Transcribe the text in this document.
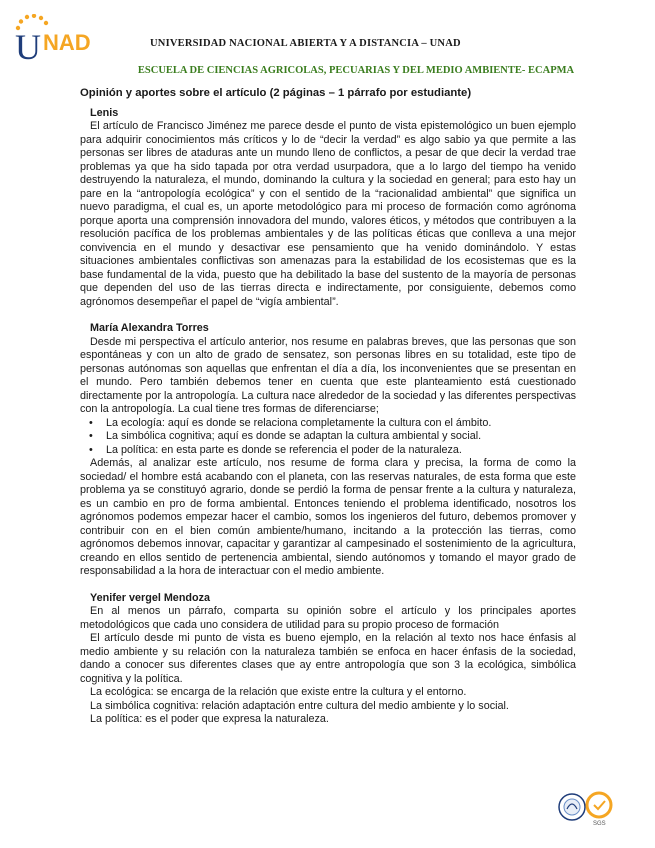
U NAD	UNIVERSIDAD NACIONAL ABIERTA Y A DISTANCIA – UNAD
ESCUELA DE CIENCIAS AGRICOLAS, PECUARIAS Y DEL MEDIO AMBIENTE- ECAPMA
Opinión y aportes sobre el artículo (2 páginas – 1 párrafo por estudiante)
Lenis

El artículo de Francisco Jiménez me parece desde el punto de vista epistemológico un buen ejemplo para adquirir conocimientos más críticos y lo de “decir la verdad” es algo sabio ya que permite a las personas ser libres de ataduras ante un mundo lleno de conflictos, a pesar de que decir la verdad trae problemas ya que ha sido tapada por otra verdad usurpadora, que a lo largo del tiempo ha venido destruyendo la naturaleza, el mundo, dominando la cultura y la sociedad en general; para esto hay un pare en la “antropología ecológica” y con el sentido de la “racionalidad ambiental” que significa un nuevo paradigma, el cual es, un aporte metodológico para mi proceso de formación como agrónoma porque aporta una comprensión innovadora del mundo, valores éticos, y métodos que contribuyen a la resolución pacífica de los problemas ambientales y de las políticas éticas que conlleva a una mejor convivencia en el mundo y desactivar ese pensamiento que ha venido dominándolo. Y estas situaciones ambientales conflictivas son amenazas para la estabilidad de los ecosistemas que es la base fundamental de la vida, puesto que ha debilitado la base del sustento de la mayoría de personas que dependen del uso de las tierras directa e indirectamente, por consiguiente, debemos como agrónomos desempeñar el papel de “vigía ambiental”.

María Alexandra Torres

Desde mi perspectiva el artículo anterior, nos resume en palabras breves, que las personas que son espontáneas y con un alto de grado de sensatez, son personas libres en su totalidad, este tipo de personas autónomas son aquellas que enfrentan el día a día, los inconvenientes que se presentan en el mundo. Pero también debemos tener en cuenta que este planteamiento está cuestionado directamente por la antropología. La cultura nace alrededor de la sociedad y las diferentes perspectivas con la antropología. La cual tiene tres formas de diferenciarse;

• La ecología: aquí es donde se relaciona completamente la cultura con el ámbito.
• La simbólica cognitiva; aquí es donde se adaptan la cultura ambiental y social.
• La política: en esta parte es donde se referencia el poder de la naturaleza.

Además, al analizar este artículo, nos resume de forma clara y precisa, la forma de como la sociedad/ el hombre está acabando con el planeta, con las reservas naturales, de esta forma que este problema ya se constituyó agrario, donde se perdió la forma de pensar frente a la cultura y naturaleza, es un cambio en pro de forma ambiental. Entonces teniendo el problema identificado, nosotros los agrónomos podemos empezar hacer el cambio, somos los ingenieros del futuro, debemos promover y contribuir con en el bien común ambiente/humano, incitando a la protección las tierras, como agrónomos debemos innovar, capacitar y garantizar al campesinado el sostenimiento de la agricultura, creando en ellos sentido de pertenencia ambiental, siendo autónomos y tomando el mayor grado de responsabilidad a la hora de interactuar con el medio ambiente.

Yenifer vergel Mendoza

En al menos un párrafo, comparta su opinión sobre el artículo y los principales aportes metodológicos que cada uno considera de utilidad para su propio proceso de formación

El artículo desde mi punto de vista es bueno ejemplo, en la relación al texto nos hace énfasis al medio ambiente y su relación con la naturaleza también se enfoca en hacer énfasis de la sociedad, dando a conocer sus diferentes clases que ay entre antropología que son 3 la ecológica, simbólica cognitiva y la política.

La ecológica: se encarga de la relación que existe entre la cultura y el entorno.

La simbólica cognitiva: relación adaptación entre cultura del medio ambiente y lo social.

La política: es el poder que expresa la naturaleza.

SGS
